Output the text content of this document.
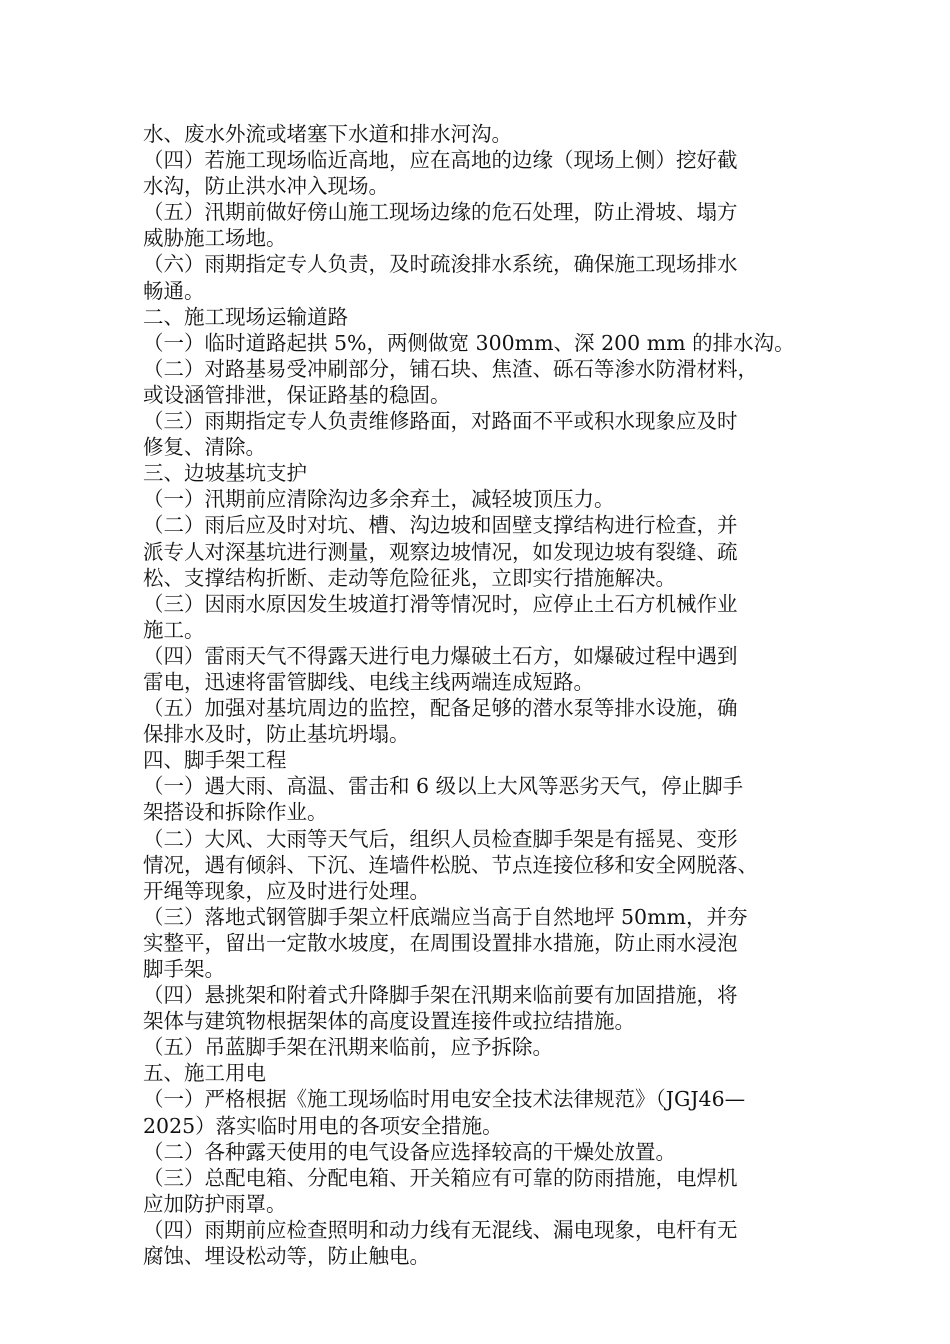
水、废水外流或堵塞下水道和排水河沟。
（四）若施工现场临近高地，应在高地的边缘（现场上侧）挖好截
水沟，防止洪水冲入现场。
（五）汛期前做好傍山施工现场边缘的危石处理，防止滑坡、塌方
威胁施工场地。
（六）雨期指定专人负责，及时疏浚排水系统，确保施工现场排水
畅通。
二、施工现场运输道路
（一）临时道路起拱 5%，两侧做宽 300mm、深 200 mm 的排水沟。
（二）对路基易受冲刷部分，铺石块、焦渣、砾石等渗水防滑材料，
或设涵管排泄，保证路基的稳固。
（三）雨期指定专人负责维修路面，对路面不平或积水现象应及时
修复、清除。
三、边坡基坑支护
（一）汛期前应清除沟边多余弃土，减轻坡顶压力。
（二）雨后应及时对坑、槽、沟边坡和固壁支撑结构进行检查，并
派专人对深基坑进行测量，观察边坡情况，如发现边坡有裂缝、疏
松、支撑结构折断、走动等危险征兆，立即实行措施解决。
（三）因雨水原因发生坡道打滑等情况时，应停止土石方机械作业
施工。
（四）雷雨天气不得露天进行电力爆破土石方，如爆破过程中遇到
雷电，迅速将雷管脚线、电线主线两端连成短路。
（五）加强对基坑周边的监控，配备足够的潜水泵等排水设施，确
保排水及时，防止基坑坍塌。
四、脚手架工程
（一）遇大雨、高温、雷击和 6 级以上大风等恶劣天气，停止脚手
架搭设和拆除作业。
（二）大风、大雨等天气后，组织人员检查脚手架是有摇晃、变形
情况，遇有倾斜、下沉、连墙件松脱、节点连接位移和安全网脱落、
开绳等现象，应及时进行处理。
（三）落地式钢管脚手架立杆底端应当高于自然地坪 50mm，并夯
实整平，留出一定散水坡度，在周围设置排水措施，防止雨水浸泡
脚手架。
（四）悬挑架和附着式升降脚手架在汛期来临前要有加固措施，将
架体与建筑物根据架体的高度设置连接件或拉结措施。
（五）吊蓝脚手架在汛期来临前，应予拆除。
五、施工用电
（一）严格根据《施工现场临时用电安全技术法律规范》（JGJ46—
2025）落实临时用电的各项安全措施。
（二）各种露天使用的电气设备应选择较高的干燥处放置。
（三）总配电箱、分配电箱、开关箱应有可靠的防雨措施，电焊机
应加防护雨罩。
（四）雨期前应检查照明和动力线有无混线、漏电现象，电杆有无
腐蚀、埋设松动等，防止触电。
